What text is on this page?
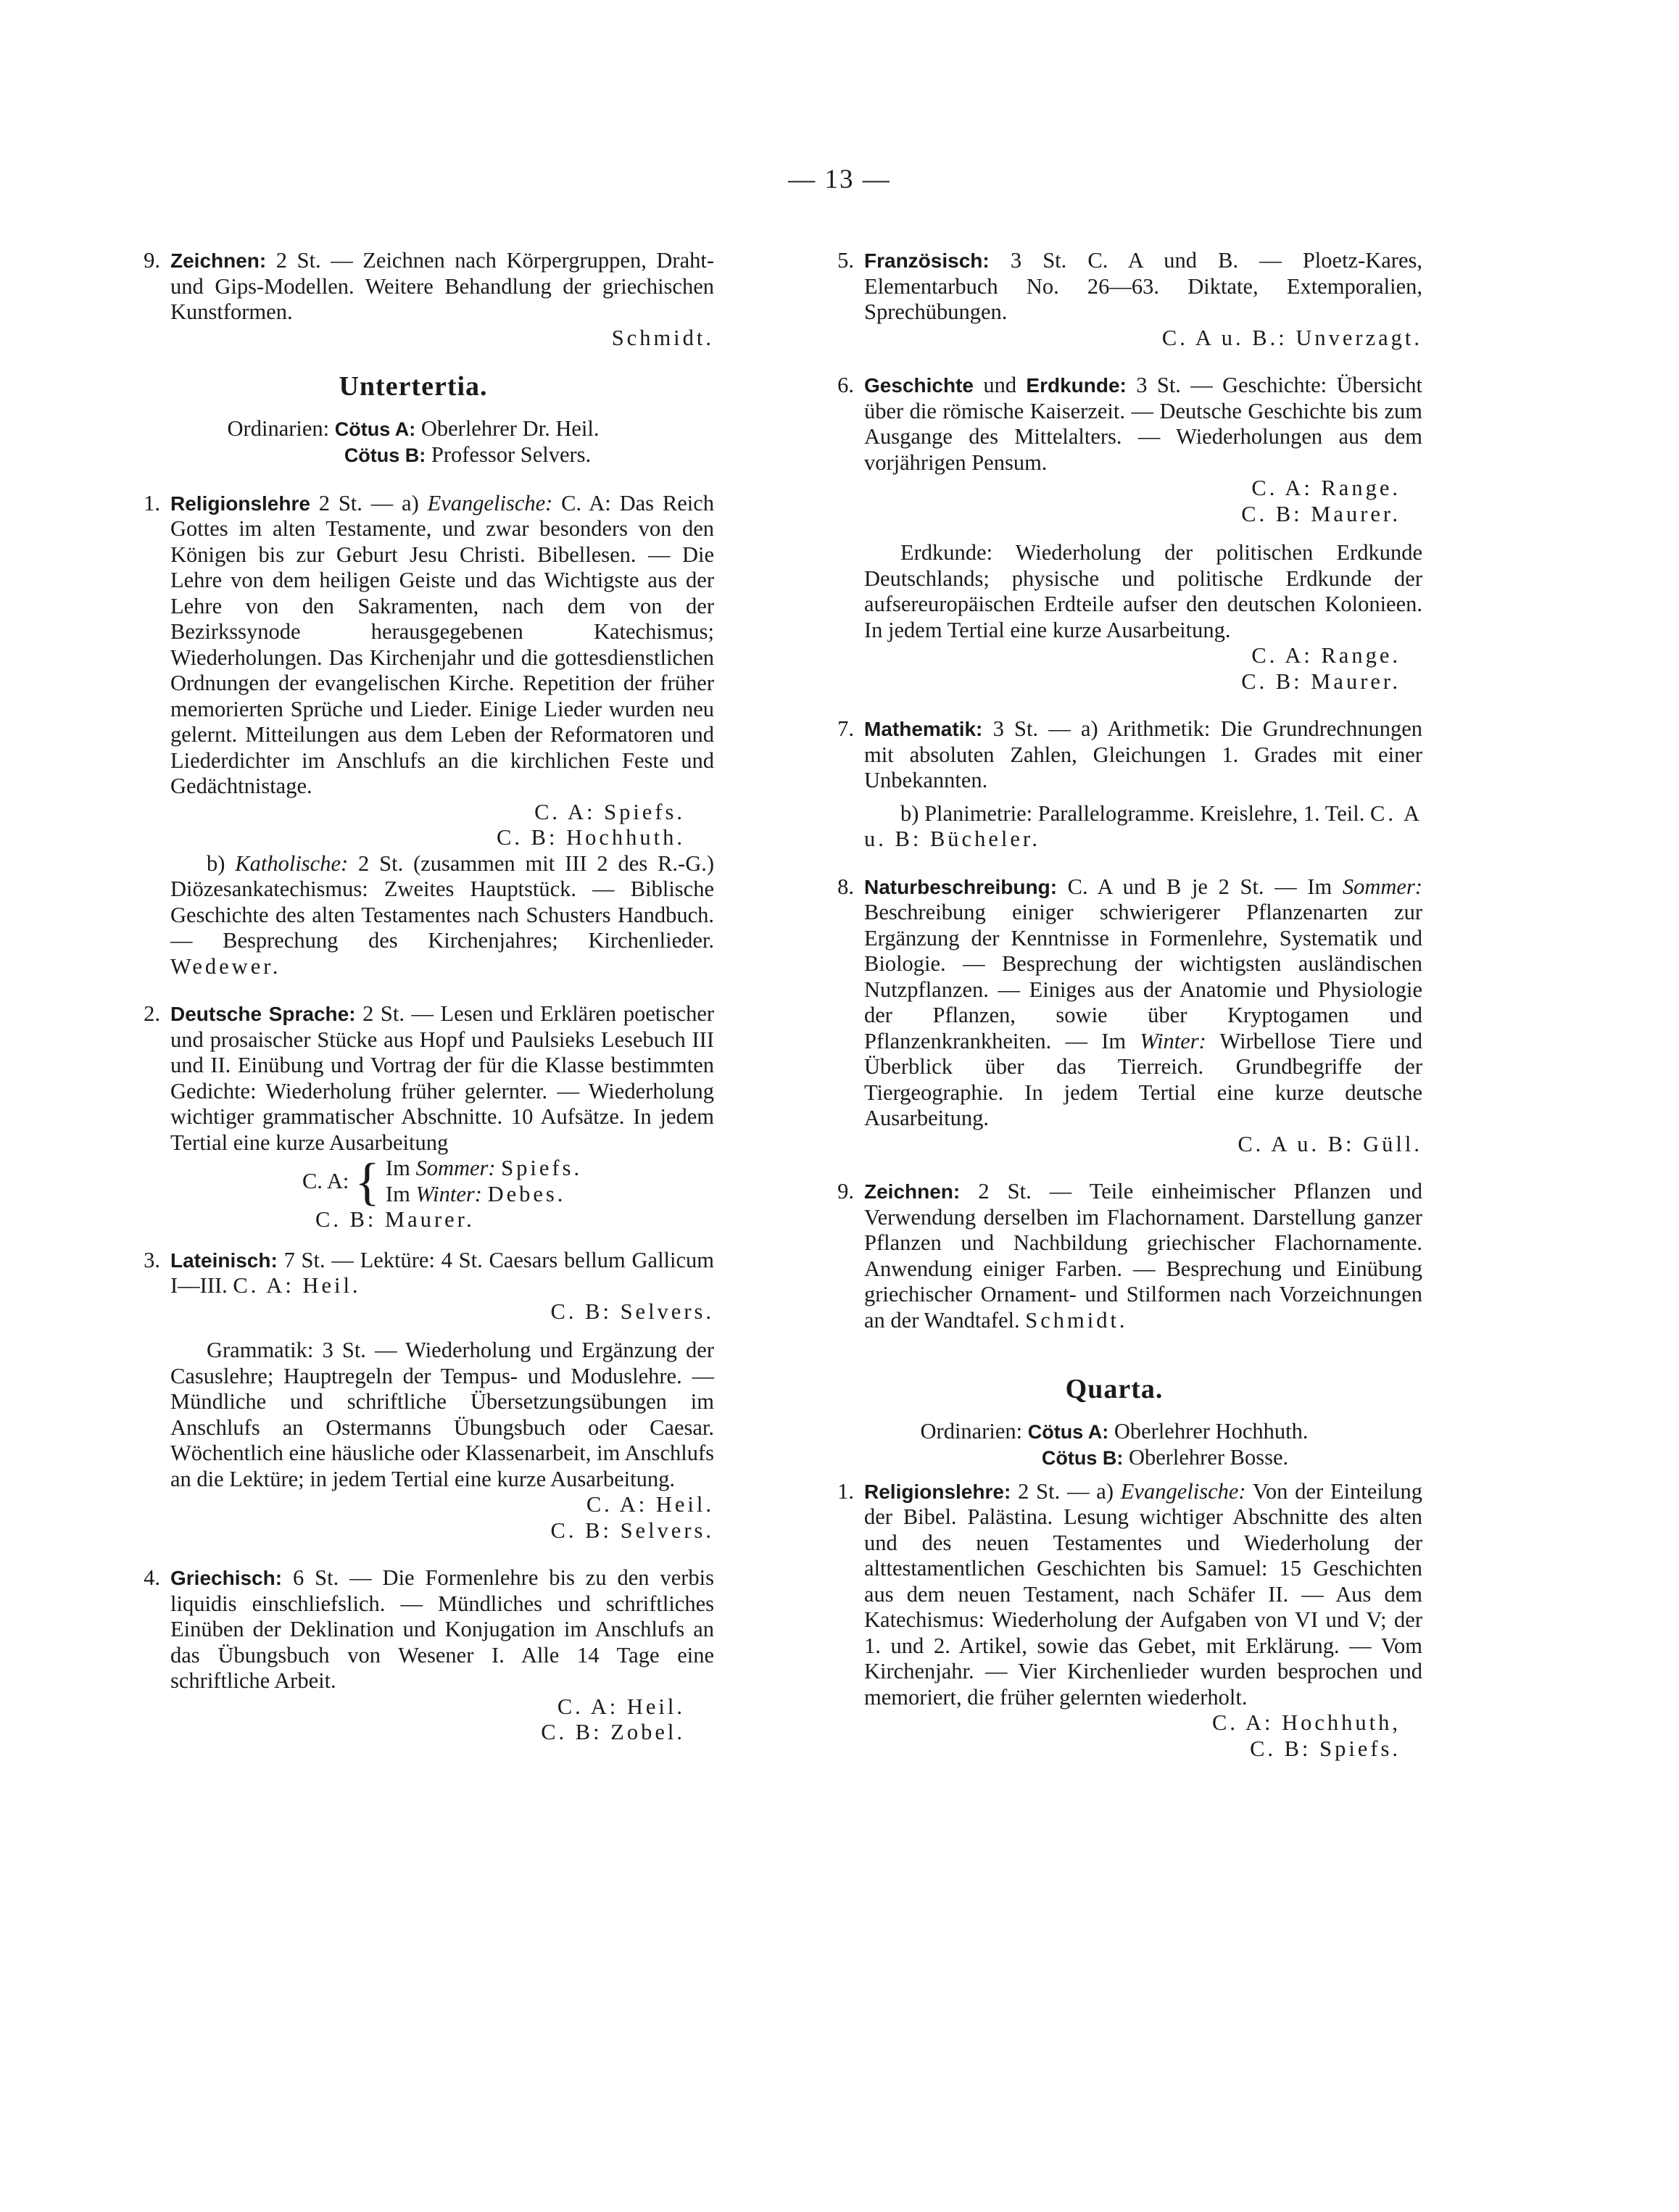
— 13 —
9. Zeichnen: 2 St. — Zeichnen nach Körpergruppen, Draht- und Gips-Modellen. Weitere Behandlung der griechischen Kunstformen.

Schmidt.

Untertertia.

Ordinarien: Cötus A: Oberlehrer Dr. Heil.

Cötus B: Professor Selvers.

1. Religionslehre 2 St. — a) Evangelische: C. A: Das Reich Gottes im alten Testamente, und zwar besonders von den Königen bis zur Geburt Jesu Christi. Bibellesen. — Die Lehre von dem heiligen Geiste und das Wichtigste aus der Lehre von den Sakramenten, nach dem von der Bezirkssynode herausgegebenen Katechismus; Wiederholungen. Das Kirchenjahr und die gottesdienstlichen Ordnungen der evangelischen Kirche. Repetition der früher memorierten Sprüche und Lieder. Einige Lieder wurden neu gelernt. Mitteilungen aus dem Leben der Reformatoren und Liederdichter im Anschlufs an die kirchlichen Feste und Gedächtnistage.

C. A: Spiefs.

C. B: Hochhuth.

b) Katholische: 2 St. (zusammen mit III 2 des R.-G.) Diözesankatechismus: Zweites Hauptstück. — Biblische Geschichte des alten Testamentes nach Schusters Handbuch. — Besprechung des Kirchenjahres; Kirchenlieder. Wedewer.

2. Deutsche Sprache: 2 St. — Lesen und Erklären poetischer und prosaischer Stücke aus Hopf und Paulsieks Lesebuch III und II. Einübung und Vortrag der für die Klasse bestimmten Gedichte: Wiederholung früher gelernter. — Wiederholung wichtiger grammatischer Abschnitte. 10 Aufsätze. In jedem Tertial eine kurze Ausarbeitung

C. A: { Im Sommer: Spiefs.
Im Winter: Debes.

C. B: Maurer.

3. Lateinisch: 7 St. — Lektüre: 4 St. Caesars bellum Gallicum I—III. C. A: Heil.

C. B: Selvers.

Grammatik: 3 St. — Wiederholung und Ergänzung der Casuslehre; Hauptregeln der Tempus- und Moduslehre. — Mündliche und schriftliche Übersetzungsübungen im Anschlufs an Ostermanns Übungsbuch oder Caesar. Wöchentlich eine häusliche oder Klassenarbeit, im Anschlufs an die Lektüre; in jedem Tertial eine kurze Ausarbeitung.

C. A: Heil.

C. B: Selvers.

4. Griechisch: 6 St. — Die Formenlehre bis zu den verbis liquidis einschliefslich. — Mündliches und schriftliches Einüben der Deklination und Konjugation im Anschlufs an das Übungsbuch von Wesener I. Alle 14 Tage eine schriftliche Arbeit.

C. A: Heil.

C. B: Zobel.

5. Französisch: 3 St. C. A und B. — Ploetz-Kares, Elementarbuch No. 26—63. Diktate, Extemporalien, Sprechübungen.

C. A u. B.: Unverzagt.

6. Geschichte und Erdkunde: 3 St. — Geschichte: Übersicht über die römische Kaiserzeit. — Deutsche Geschichte bis zum Ausgange des Mittelalters. — Wiederholungen aus dem vorjährigen Pensum.

C. A: Range.

C. B: Maurer.

Erdkunde: Wiederholung der politischen Erdkunde Deutschlands; physische und politische Erdkunde der aufsereuropäischen Erdteile aufser den deutschen Kolonieen. In jedem Tertial eine kurze Ausarbeitung.

C. A: Range.

C. B: Maurer.

7. Mathematik: 3 St. — a) Arithmetik: Die Grundrechnungen mit absoluten Zahlen, Gleichungen 1. Grades mit einer Unbekannten.

b) Planimetrie: Parallelogramme. Kreislehre, 1. Teil. C. A u. B: Bücheler.

8. Naturbeschreibung: C. A und B je 2 St. — Im Sommer: Beschreibung einiger schwierigerer Pflanzenarten zur Ergänzung der Kenntnisse in Formenlehre, Systematik und Biologie. — Besprechung der wichtigsten ausländischen Nutzpflanzen. — Einiges aus der Anatomie und Physiologie der Pflanzen, sowie über Kryptogamen und Pflanzenkrankheiten. — Im Winter: Wirbellose Tiere und Überblick über das Tierreich. Grundbegriffe der Tiergeographie. In jedem Tertial eine kurze deutsche Ausarbeitung.

C. A u. B: Güll.

9. Zeichnen: 2 St. — Teile einheimischer Pflanzen und Verwendung derselben im Flachornament. Darstellung ganzer Pflanzen und Nachbildung griechischer Flachornamente. Anwendung einiger Farben. — Besprechung und Einübung griechischer Ornament- und Stilformen nach Vorzeichnungen an der Wandtafel. Schmidt.

Quarta.

Ordinarien: Cötus A: Oberlehrer Hochhuth.

Cötus B: Oberlehrer Bosse.

1. Religionslehre: 2 St. — a) Evangelische: Von der Einteilung der Bibel. Palästina. Lesung wichtiger Abschnitte des alten und des neuen Testamentes und Wiederholung der alttestamentlichen Geschichten bis Samuel: 15 Geschichten aus dem neuen Testament, nach Schäfer II. — Aus dem Katechismus: Wiederholung der Aufgaben von VI und V; der 1. und 2. Artikel, sowie das Gebet, mit Erklärung. — Vom Kirchenjahr. — Vier Kirchenlieder wurden besprochen und memoriert, die früher gelernten wiederholt.

C. A: Hochhuth,

C. B: Spiefs.
